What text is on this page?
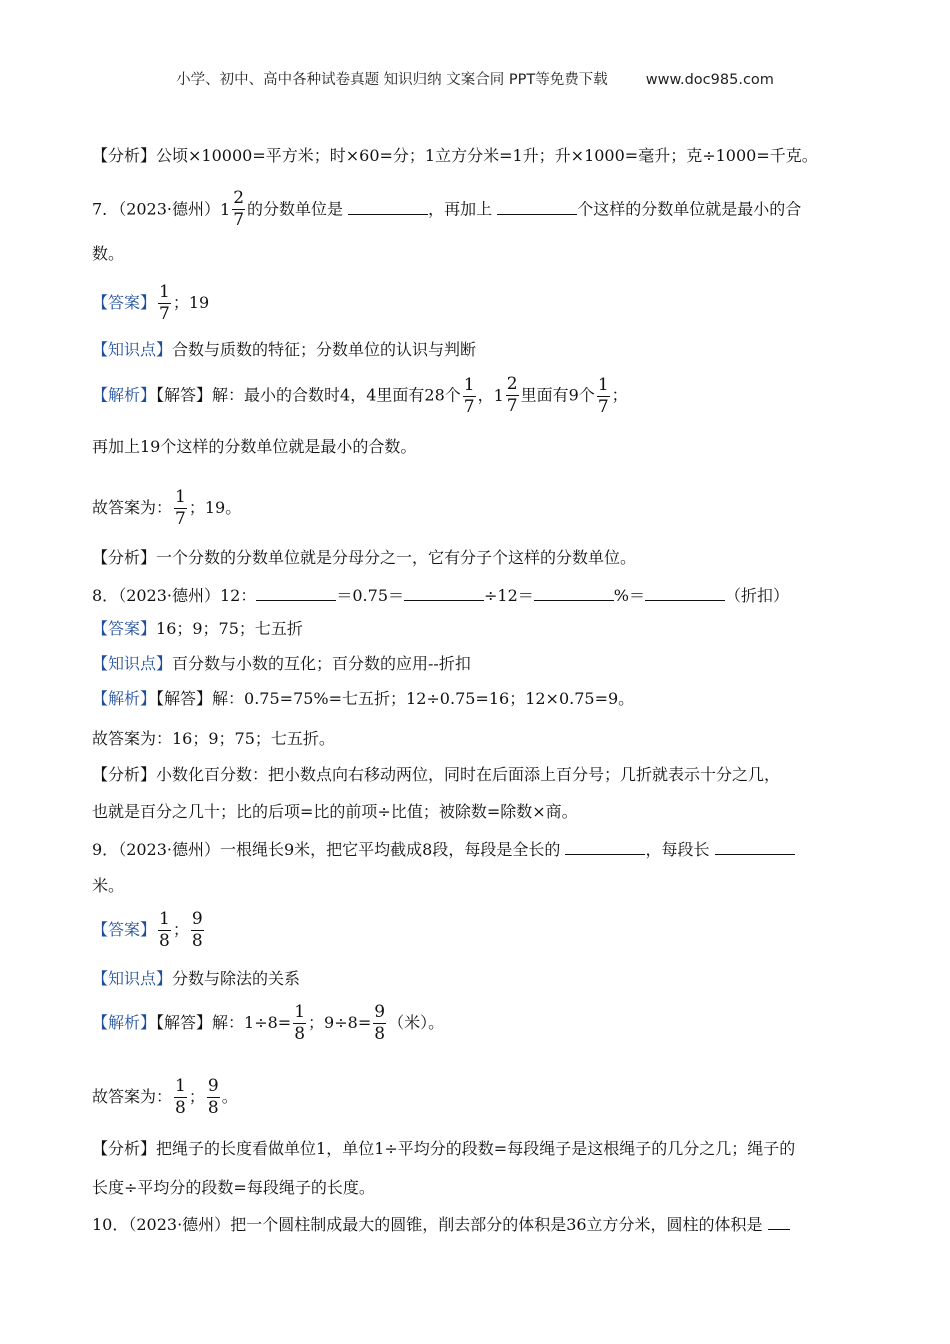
小学、初中、高中各种试卷真题 知识归纳 文案合同 PPT等免费下载	www.doc985.com
【分析】公顷×10000=平方米；时×60=分；1立方分米=1升；升×1000=毫升；克÷1000=千克。
7．（2023·德州） 1
2
7
的分数单位是	，再加上	个这样的分数单位就是最小的合
数。
【答案】 $\frac{1}{7}$ ；19
【知识点】合数与质数的特征；分数单位的认识与判断
【解析】【解答】解：最小的合数时4，4里面有28个 $\frac{1}{7}$ ， 1
2
7
里面有9个 $\frac{1}{7}$ ；
再加上19个这样的分数单位就是最小的合数。
故答案为： $\frac{1}{7}$ ；19。
【分析】一个分数的分数单位就是分母分之一，它有分子个这样的分数单位。
8．（2023·德州）12：	＝0.75＝	÷12＝	%＝	（折扣）
【答案】16；9；75；七五折
【知识点】百分数与小数的互化；百分数的应用--折扣
【解析】【解答】解：0.75=75%=七五折；12÷0.75=16；12×0.75=9。
故答案为：16；9；75；七五折。
【分析】小数化百分数：把小数点向右移动两位，同时在后面添上百分号；几折就表示十分之几，
也就是百分之几十；比的后项=比的前项÷比值；被除数=除数×商。
9．（2023·德州）一根绳长9米，把它平均截成8段，每段是全长的	，每段长
米。
【答案】 $\frac{1}{8}$ ； $\frac{9}{8}$
【知识点】分数与除法的关系
【解析】【解答】解：$1\div 8= \frac{1}{8}$ ；$9\div 8= \frac{9}{8}$ （米）。
故答案为： $\frac{1}{8}$ ； $\frac{9}{8}$ 。
【分析】把绳子的长度看做单位1，单位1÷平均分的段数=每段绳子是这根绳子的几分之几；绳子的
长度÷平均分的段数=每段绳子的长度。
10．（2023·德州）把一个圆柱制成最大的圆锥，削去部分的体积是36立方分米，圆柱的体积是
